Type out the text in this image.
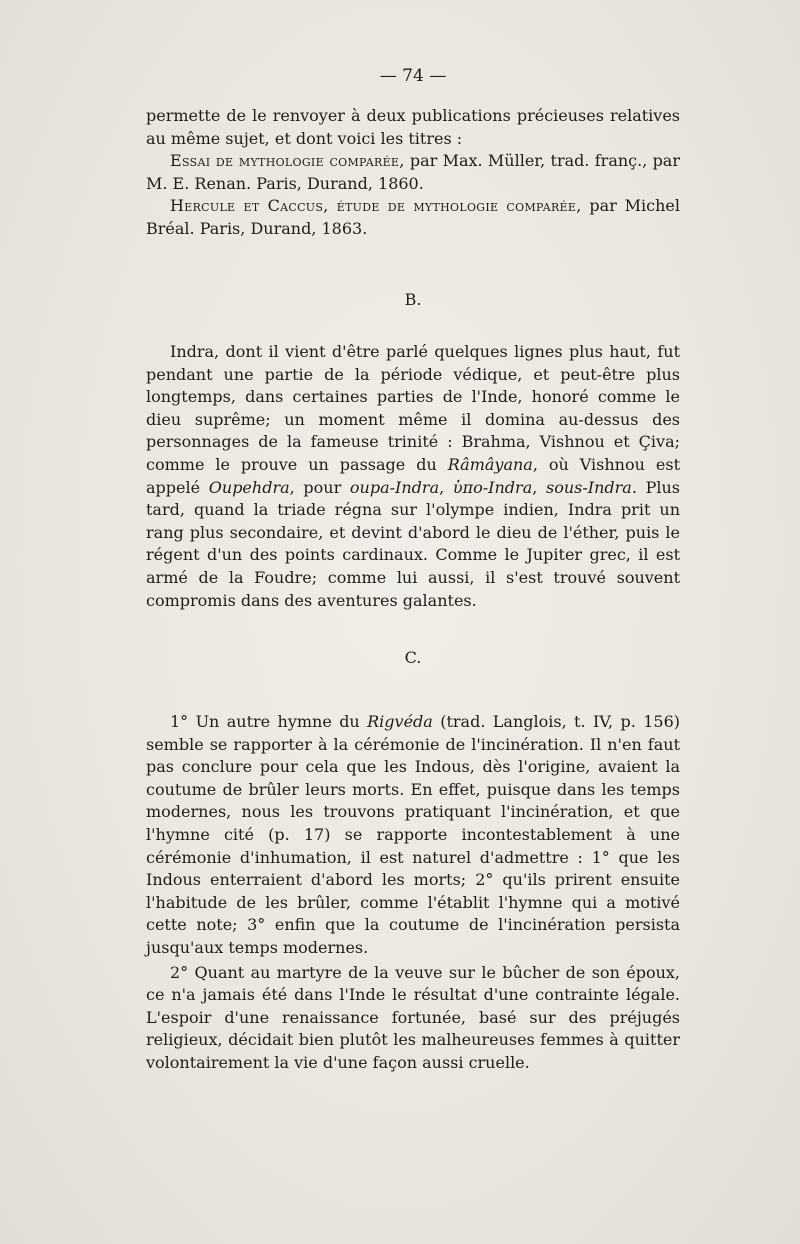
— 74 —

permette de le renvoyer à deux publications précieuses relatives au même sujet, et dont voici les titres :

Essai de mythologie comparée, par Max. Müller, trad. franç., par M. E. Renan. Paris, Durand, 1860.

Hercule et Caccus, étude de mythologie comparée, par Michel Bréal. Paris, Durand, 1863.

B.

Indra, dont il vient d'être parlé quelques lignes plus haut, fut pendant une partie de la période védique, et peut-être plus longtemps, dans certaines parties de l'Inde, honoré comme le dieu suprême; un moment même il domina au-dessus des personnages de la fameuse trinité : Brahma, Vishnou et Çiva; comme le prouve un passage du Râmâyana, où Vishnou est appelé Oupehdra, pour oupa-Indra, ὑπο-Indra, sous-Indra. Plus tard, quand la triade régna sur l'olympe indien, Indra prit un rang plus secondaire, et devint d'abord le dieu de l'éther, puis le régent d'un des points cardinaux. Comme le Jupiter grec, il est armé de la Foudre; comme lui aussi, il s'est trouvé souvent compromis dans des aventures galantes.

C.

1° Un autre hymne du Rigvéda (trad. Langlois, t. IV, p. 156) semble se rapporter à la cérémonie de l'incinération. Il n'en faut pas conclure pour cela que les Indous, dès l'origine, avaient la coutume de brûler leurs morts. En effet, puisque dans les temps modernes, nous les trouvons pratiquant l'incinération, et que l'hymne cité (p. 17) se rapporte incontestablement à une cérémonie d'inhumation, il est naturel d'admettre : 1° que les Indous enterraient d'abord les morts; 2° qu'ils prirent ensuite l'habitude de les brûler, comme l'établit l'hymne qui a motivé cette note; 3° enfin que la coutume de l'incinération persista jusqu'aux temps modernes.

2° Quant au martyre de la veuve sur le bûcher de son époux, ce n'a jamais été dans l'Inde le résultat d'une contrainte légale. L'espoir d'une renaissance fortunée, basé sur des préjugés religieux, décidait bien plutôt les malheureuses femmes à quitter volontairement la vie d'une façon aussi cruelle.
